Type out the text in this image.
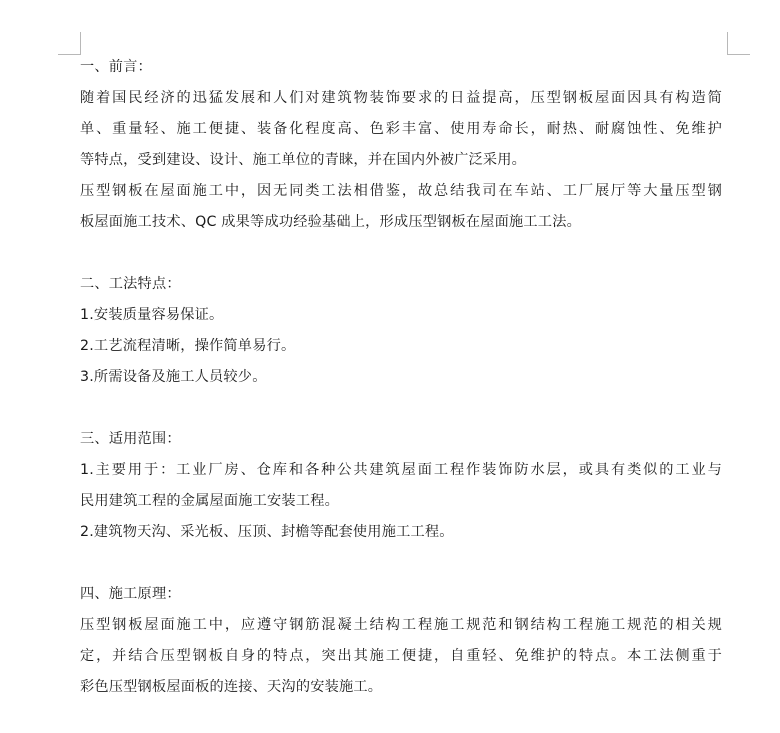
一、前言：
随着国民经济的迅猛发展和人们对建筑物装饰要求的日益提高，压型钢板屋面因具有构造简
单、重量轻、施工便捷、装备化程度高、色彩丰富、使用寿命长，耐热、耐腐蚀性、免维护
等特点，受到建设、设计、施工单位的青睐，并在国内外被广泛采用。
压型钢板在屋面施工中，因无同类工法相借鉴，故总结我司在车站、工厂展厅等大量压型钢
板屋面施工技术、QC 成果等成功经验基础上，形成压型钢板在屋面施工工法。
二、工法特点：
1.安装质量容易保证。
2.工艺流程清晰，操作简单易行。
3.所需设备及施工人员较少。
三、适用范围：
1.主要用于：工业厂房、仓库和各种公共建筑屋面工程作装饰防水层，或具有类似的工业与
民用建筑工程的金属屋面施工安装工程。
2.建筑物天沟、采光板、压顶、封檐等配套使用施工工程。
四、施工原理：
压型钢板屋面施工中，应遵守钢筋混凝土结构工程施工规范和钢结构工程施工规范的相关规
定，并结合压型钢板自身的特点，突出其施工便捷，自重轻、免维护的特点。本工法侧重于
彩色压型钢板屋面板的连接、天沟的安装施工。
